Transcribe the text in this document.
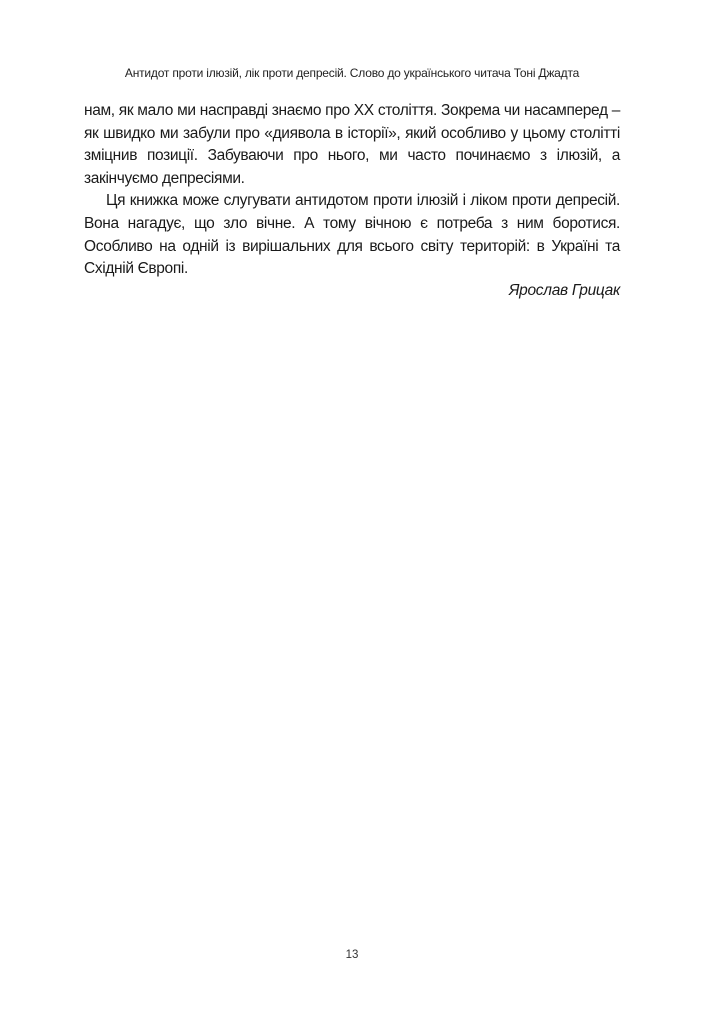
Антидот проти ілюзій, лік проти депресій. Слово до українського читача Тоні Джадта

нам, як мало ми насправді знаємо про XX століття. Зокрема чи насамперед – як швидко ми забули про «диявола в історії», який особливо у цьому столітті зміцнив позиції. Забуваючи про нього, ми часто починаємо з ілюзій, а закінчуємо депресіями.

Ця книжка може слугувати антидотом проти ілюзій і ліком проти депресій. Вона нагадує, що зло вічне. А тому вічною є потреба з ним боротися. Особливо на одній із вирішальних для всього світу територій: в Україні та Східній Європі.

Ярослав Грицак
13
